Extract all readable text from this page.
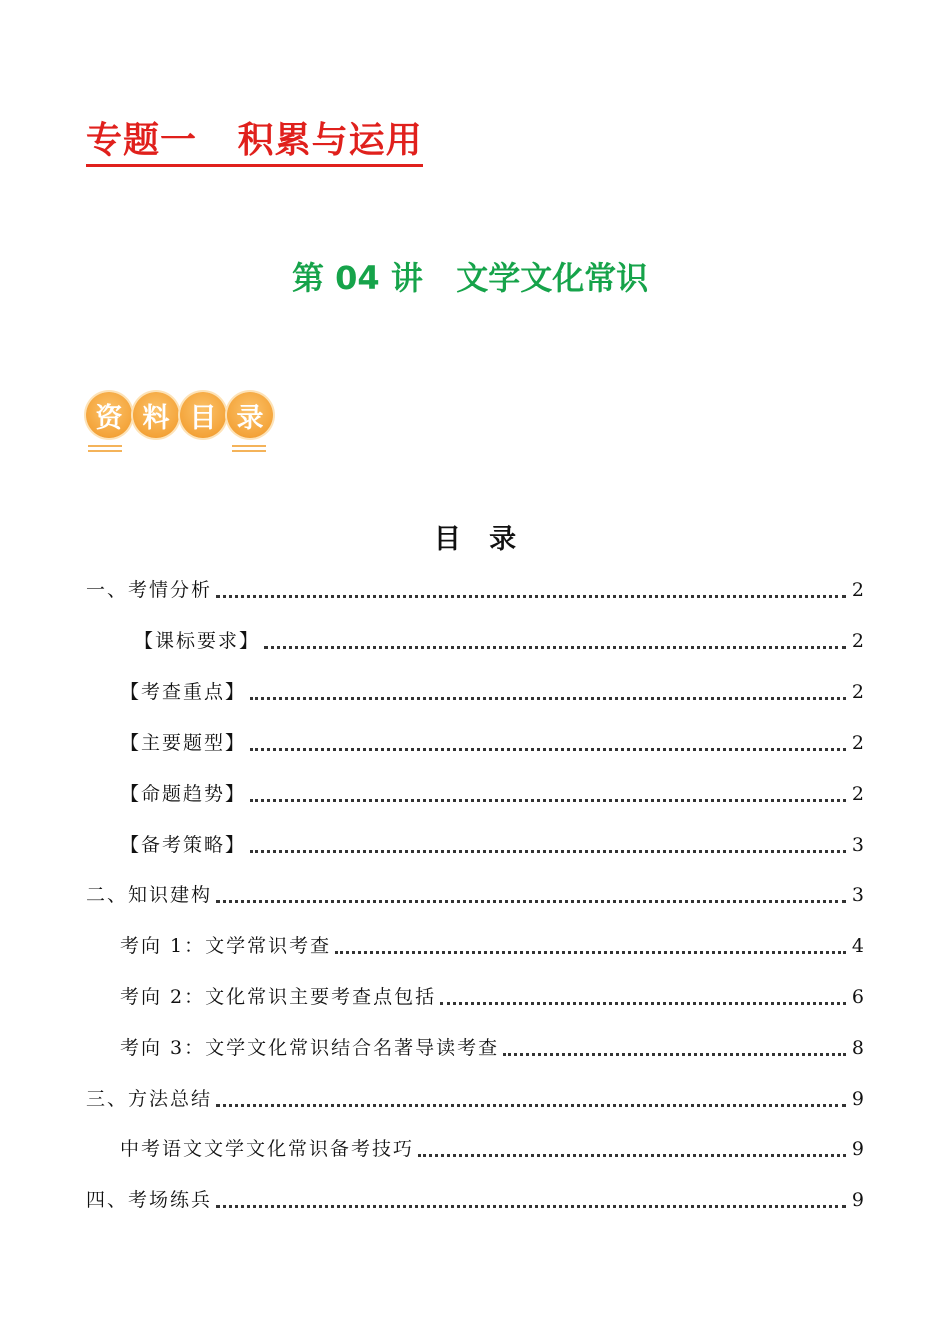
专题一   积累与运用
第 04 讲   文学文化常识
资 料 目 录
目   录
一、考情分析	2
【课标要求】	2
【考查重点】	2
【主要题型】	2
【命题趋势】	2
【备考策略】	3
二、知识建构	3
考向 1：文学常识考查	4
考向 2：文化常识主要考查点包括	6
考向 3：文学文化常识结合名著导读考查	8
三、方法总结	9
中考语文文学文化常识备考技巧	9
四、考场练兵	9
